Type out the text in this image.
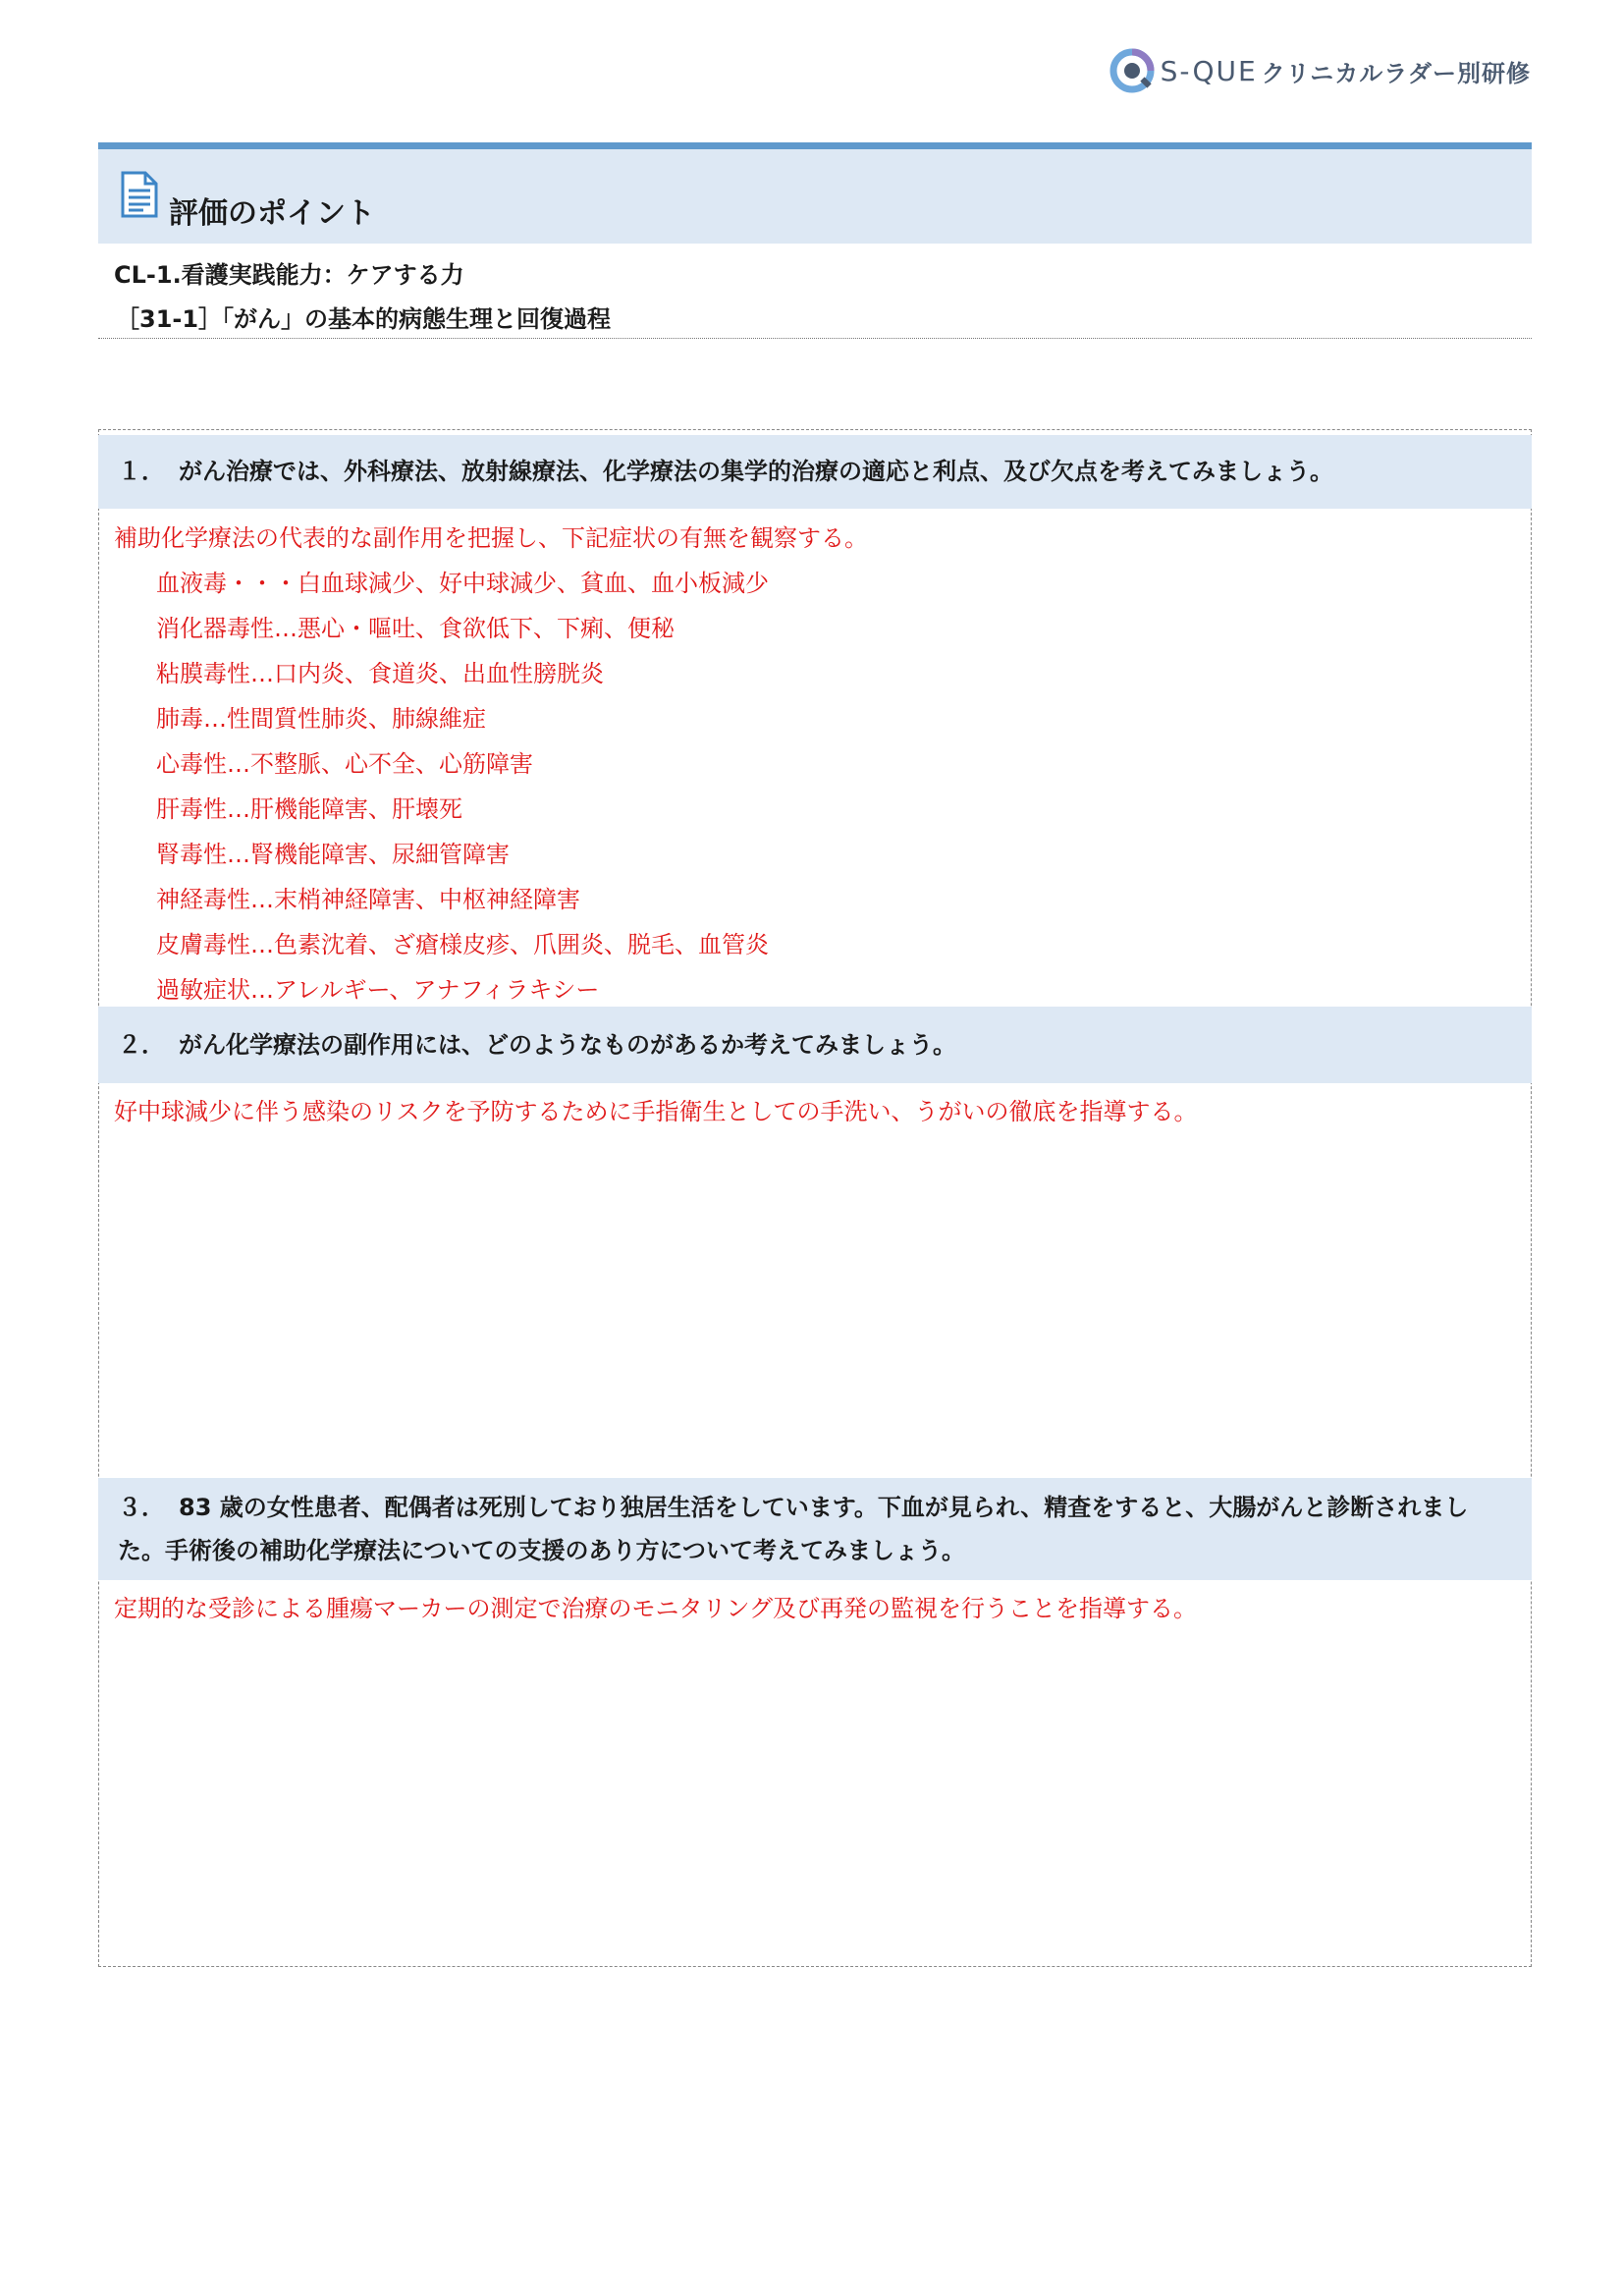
S-QUE クリニカルラダー別研修
評価のポイント
CL-1.看護実践能力：ケアする力
［31-1］「がん」の基本的病態生理と回復過程
１． がん治療では、外科療法、放射線療法、化学療法の集学的治療の適応と利点、及び欠点を考えてみましょう。
補助化学療法の代表的な副作用を把握し、下記症状の有無を観察する。
血液毒・・・白血球減少、好中球減少、貧血、血小板減少
消化器毒性…悪心・嘔吐、食欲低下、下痢、便秘
粘膜毒性…口内炎、食道炎、出血性膀胱炎
肺毒…性間質性肺炎、肺線維症
心毒性…不整脈、心不全、心筋障害
肝毒性…肝機能障害、肝壊死
腎毒性…腎機能障害、尿細管障害
神経毒性…末梢神経障害、中枢神経障害
皮膚毒性…色素沈着、ざ瘡様皮疹、爪囲炎、脱毛、血管炎
過敏症状…アレルギー、アナフィラキシー
２． がん化学療法の副作用には、どのようなものがあるか考えてみましょう。
好中球減少に伴う感染のリスクを予防するために手指衛生としての手洗い、うがいの徹底を指導する。
３． 83 歳の女性患者、配偶者は死別しており独居生活をしています。下血が見られ、精査をすると、大腸がんと診断されまし
た。手術後の補助化学療法についての支援のあり方について考えてみましょう。
定期的な受診による腫瘍マーカーの測定で治療のモニタリング及び再発の監視を行うことを指導する。
